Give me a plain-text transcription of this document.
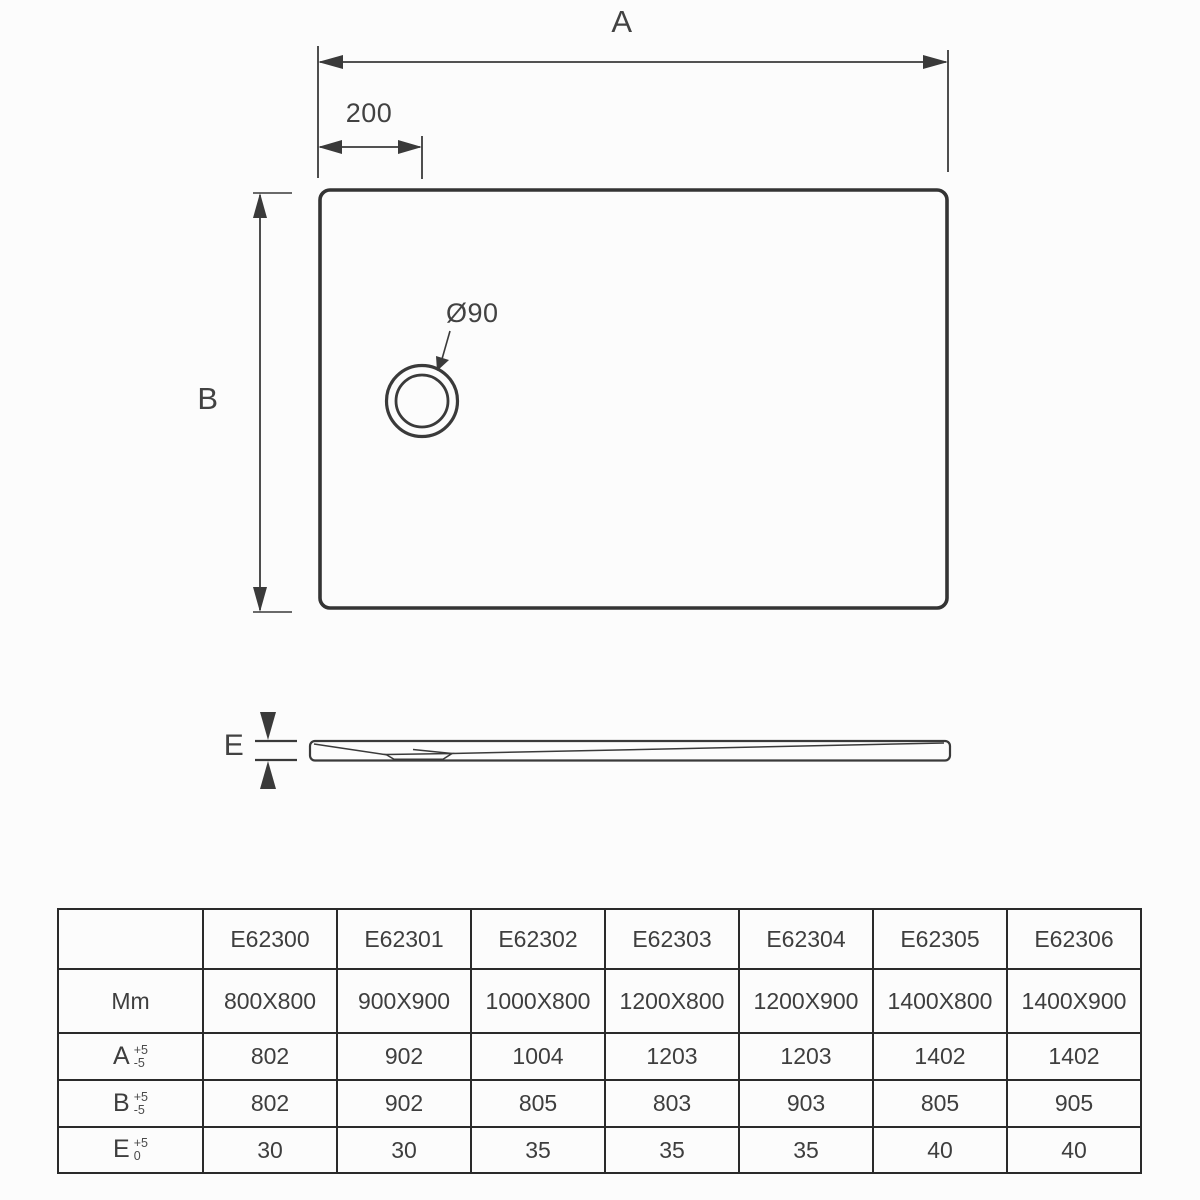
A
200
B
Ø90
E
	E62300	E62301	E62302	E62303	E62304	E62305	E62306
Mm	800X800	900X900	1000X800	1200X800	1200X900	1400X800	1400X900
A +5
-5	802	902	1004	1203	1203	1402	1402
B +5
-5	802	902	805	803	903	805	905
E +5
0	30	30	35	35	35	40	40
